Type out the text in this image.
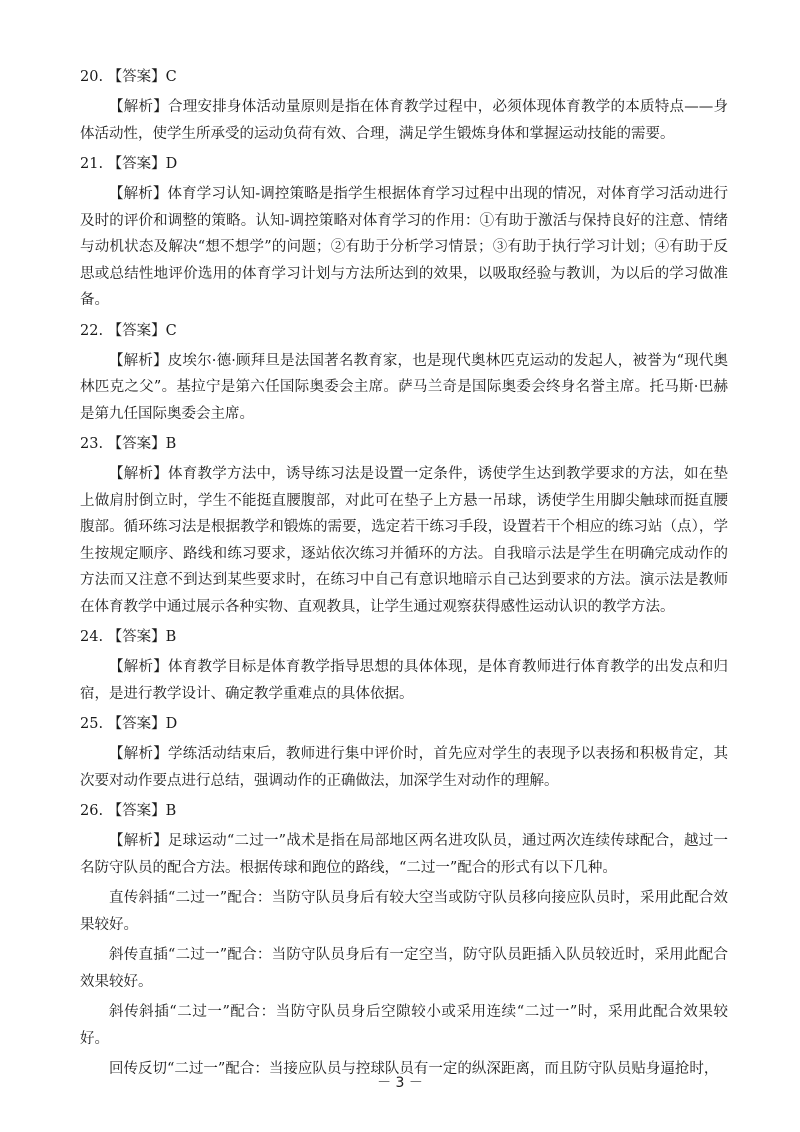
20. 【答案】C

【解析】合理安排身体活动量原则是指在体育教学过程中，必须体现体育教学的本质特点——身体活动性，使学生所承受的运动负荷有效、合理，满足学生锻炼身体和掌握运动技能的需要。

21. 【答案】D

【解析】体育学习认知-调控策略是指学生根据体育学习过程中出现的情况，对体育学习活动进行及时的评价和调整的策略。认知-调控策略对体育学习的作用：①有助于激活与保持良好的注意、情绪与动机状态及解决“想不想学”的问题；②有助于分析学习情景；③有助于执行学习计划；④有助于反思或总结性地评价选用的体育学习计划与方法所达到的效果，以吸取经验与教训，为以后的学习做准备。

22. 【答案】C

【解析】皮埃尔·德·顾拜旦是法国著名教育家，也是现代奥林匹克运动的发起人，被誉为“现代奥林匹克之父”。基拉宁是第六任国际奥委会主席。萨马兰奇是国际奥委会终身名誉主席。托马斯·巴赫是第九任国际奥委会主席。

23. 【答案】B

【解析】体育教学方法中，诱导练习法是设置一定条件，诱使学生达到教学要求的方法，如在垫上做肩肘倒立时，学生不能挺直腰腹部，对此可在垫子上方悬一吊球，诱使学生用脚尖触球而挺直腰腹部。循环练习法是根据教学和锻炼的需要，选定若干练习手段，设置若干个相应的练习站（点），学生按规定顺序、路线和练习要求，逐站依次练习并循环的方法。自我暗示法是学生在明确完成动作的方法而又注意不到达到某些要求时，在练习中自己有意识地暗示自己达到要求的方法。演示法是教师在体育教学中通过展示各种实物、直观教具，让学生通过观察获得感性运动认识的教学方法。

24. 【答案】B

【解析】体育教学目标是体育教学指导思想的具体体现，是体育教师进行体育教学的出发点和归宿，是进行教学设计、确定教学重难点的具体依据。

25. 【答案】D

【解析】学练活动结束后，教师进行集中评价时，首先应对学生的表现予以表扬和积极肯定，其次要对动作要点进行总结，强调动作的正确做法，加深学生对动作的理解。

26. 【答案】B

【解析】足球运动“二过一”战术是指在局部地区两名进攻队员，通过两次连续传球配合，越过一名防守队员的配合方法。根据传球和跑位的路线，“二过一”配合的形式有以下几种。

直传斜插“二过一”配合：当防守队员身后有较大空当或防守队员移向接应队员时，采用此配合效果较好。

斜传直插“二过一”配合：当防守队员身后有一定空当，防守队员距插入队员较近时，采用此配合效果较好。

斜传斜插“二过一”配合：当防守队员身后空隙较小或采用连续“二过一”时，采用此配合效果较好。

回传反切“二过一”配合：当接应队员与控球队员有一定的纵深距离，而且防守队员贴身逼抢时，

－ 3 －
